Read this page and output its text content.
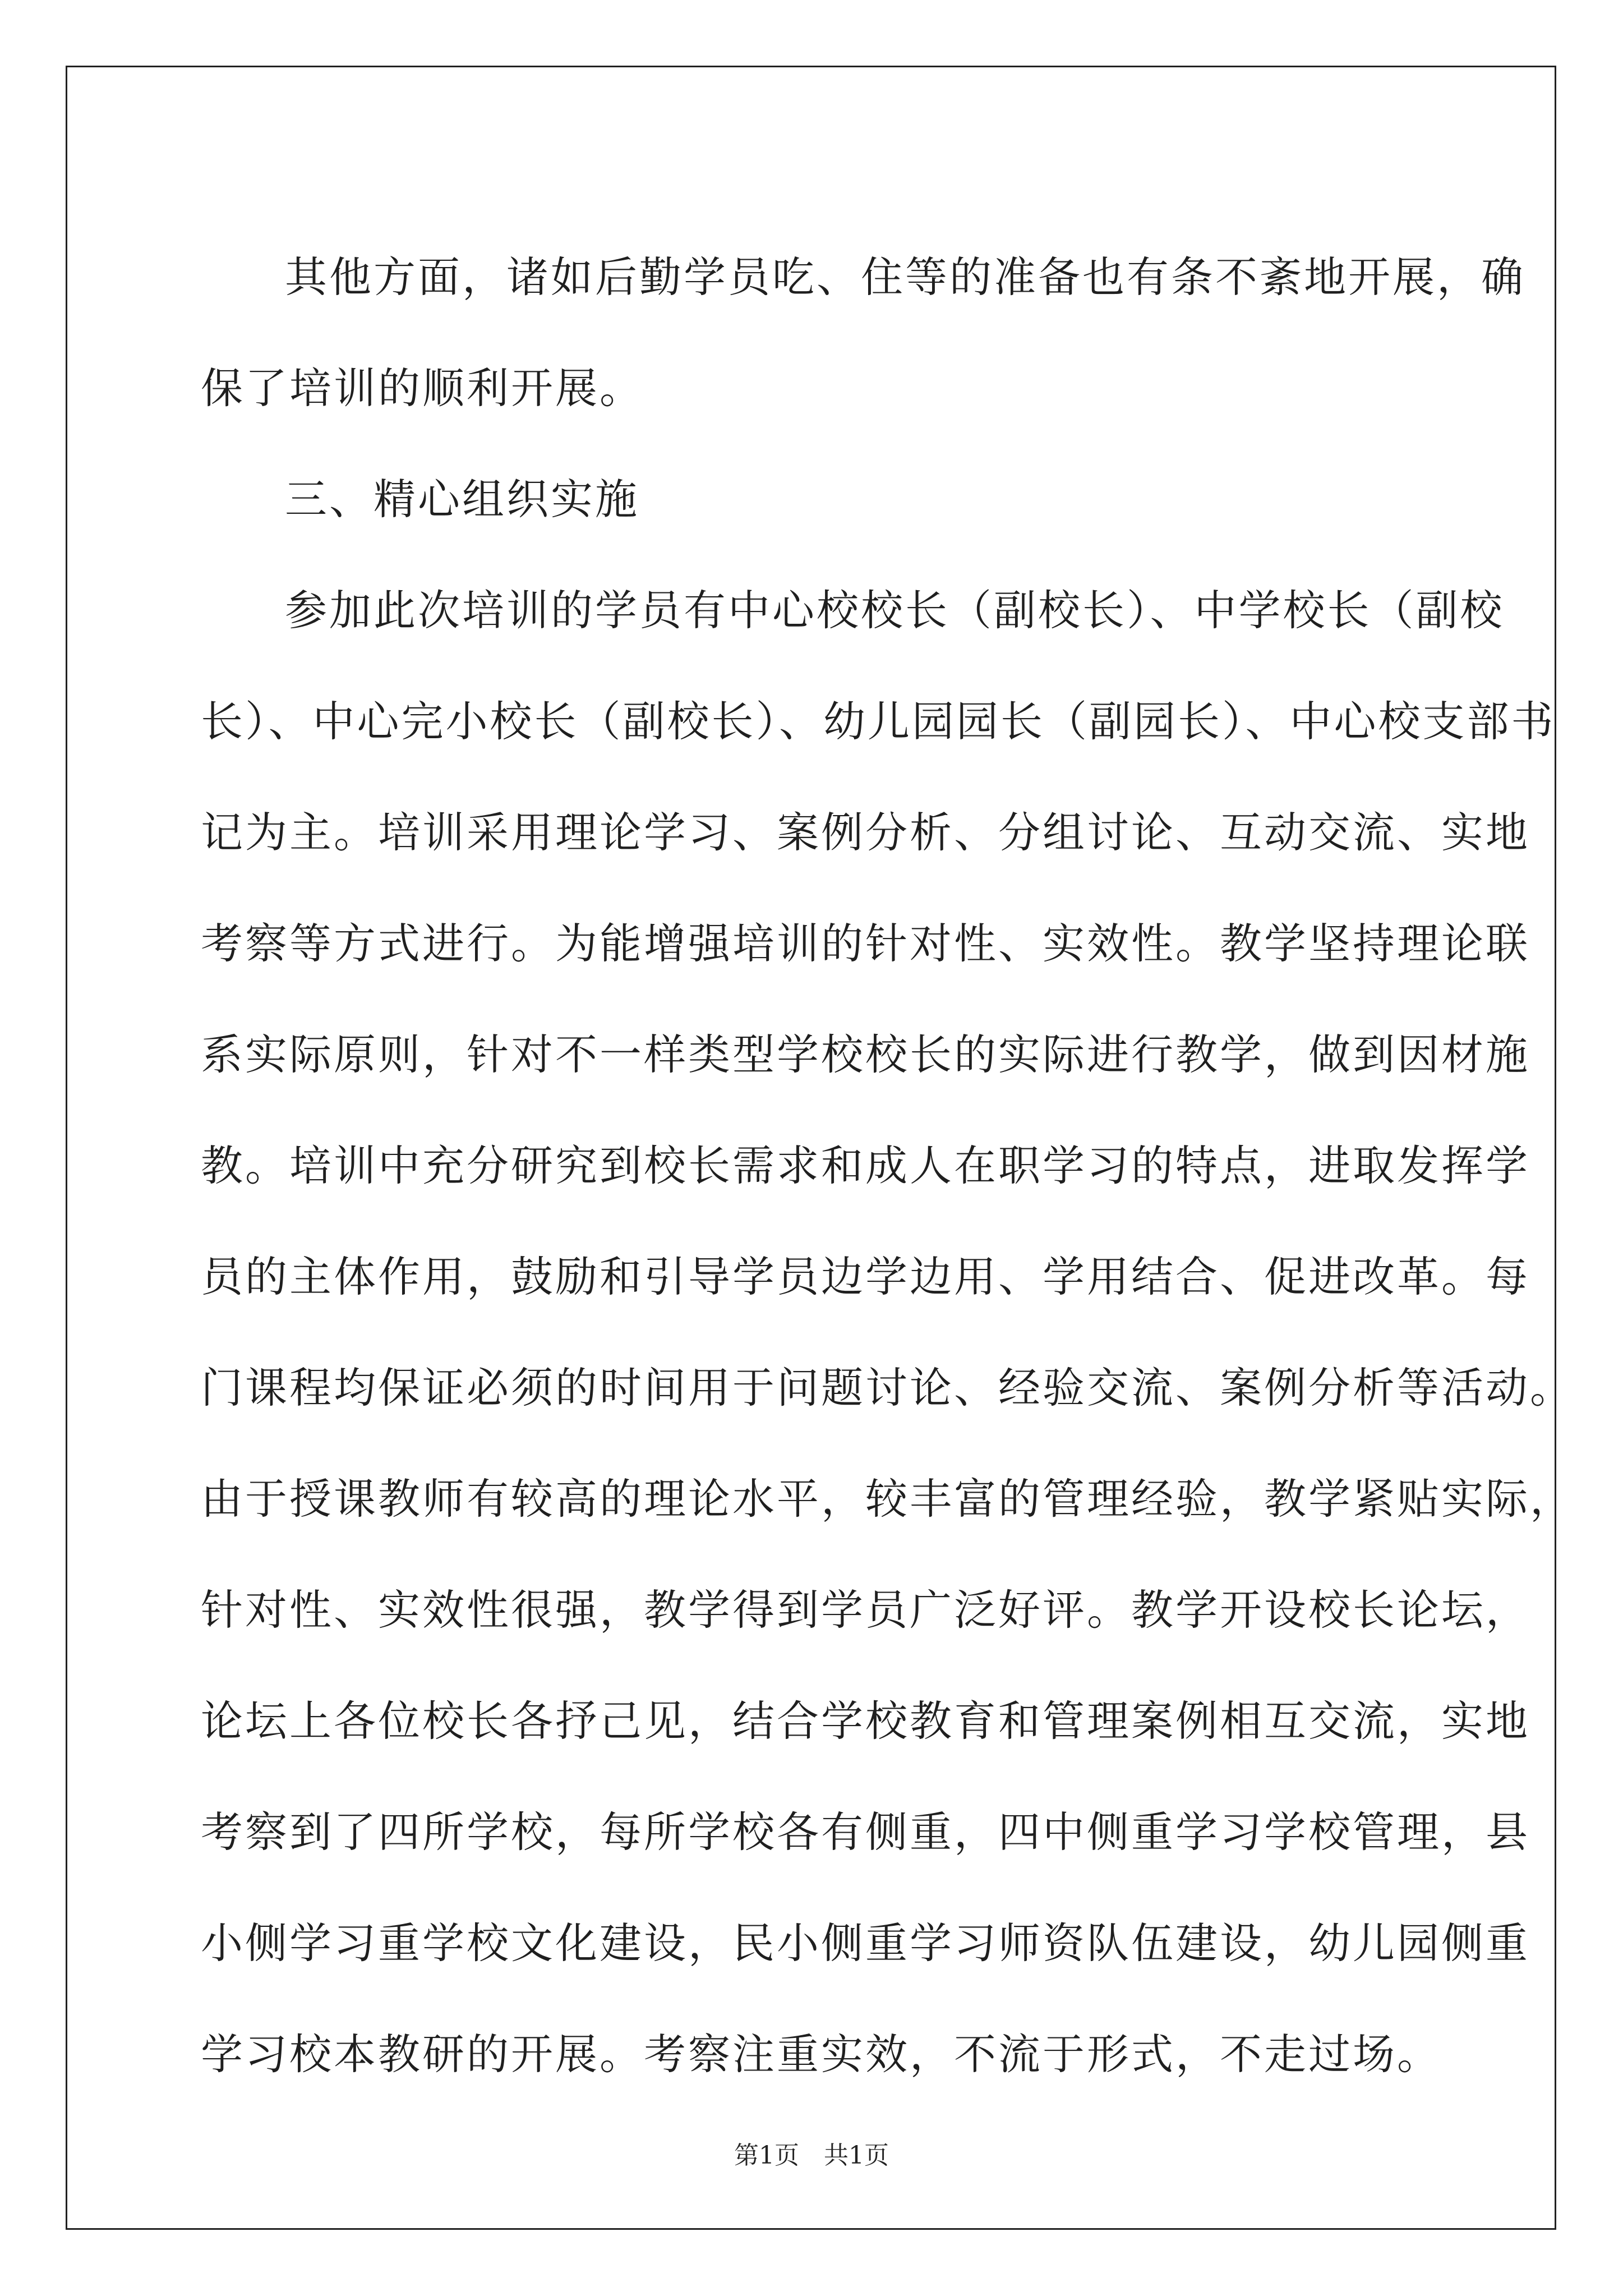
其他方面，诸如后勤学员吃、住等的准备也有条不紊地开展，确
保了培训的顺利开展。

三、精心组织实施

参加此次培训的学员有中心校校长（副校长）、中学校长（副校
长）、中心完小校长（副校长）、幼儿园园长（副园长）、中心校支部书
记为主。培训采用理论学习、案例分析、分组讨论、互动交流、实地
考察等方式进行。为能增强培训的针对性、实效性。教学坚持理论联
系实际原则，针对不一样类型学校校长的实际进行教学，做到因材施
教。培训中充分研究到校长需求和成人在职学习的特点，进取发挥学
员的主体作用，鼓励和引导学员边学边用、学用结合、促进改革。每
门课程均保证必须的时间用于问题讨论、经验交流、案例分析等活动。
由于授课教师有较高的理论水平，较丰富的管理经验，教学紧贴实际，
针对性、实效性很强，教学得到学员广泛好评。教学开设校长论坛，
论坛上各位校长各抒己见，结合学校教育和管理案例相互交流，实地
考察到了四所学校，每所学校各有侧重，四中侧重学习学校管理，县
小侧学习重学校文化建设，民小侧重学习师资队伍建设，幼儿园侧重
学习校本教研的开展。考察注重实效，不流于形式，不走过场。

第1页　共1页
